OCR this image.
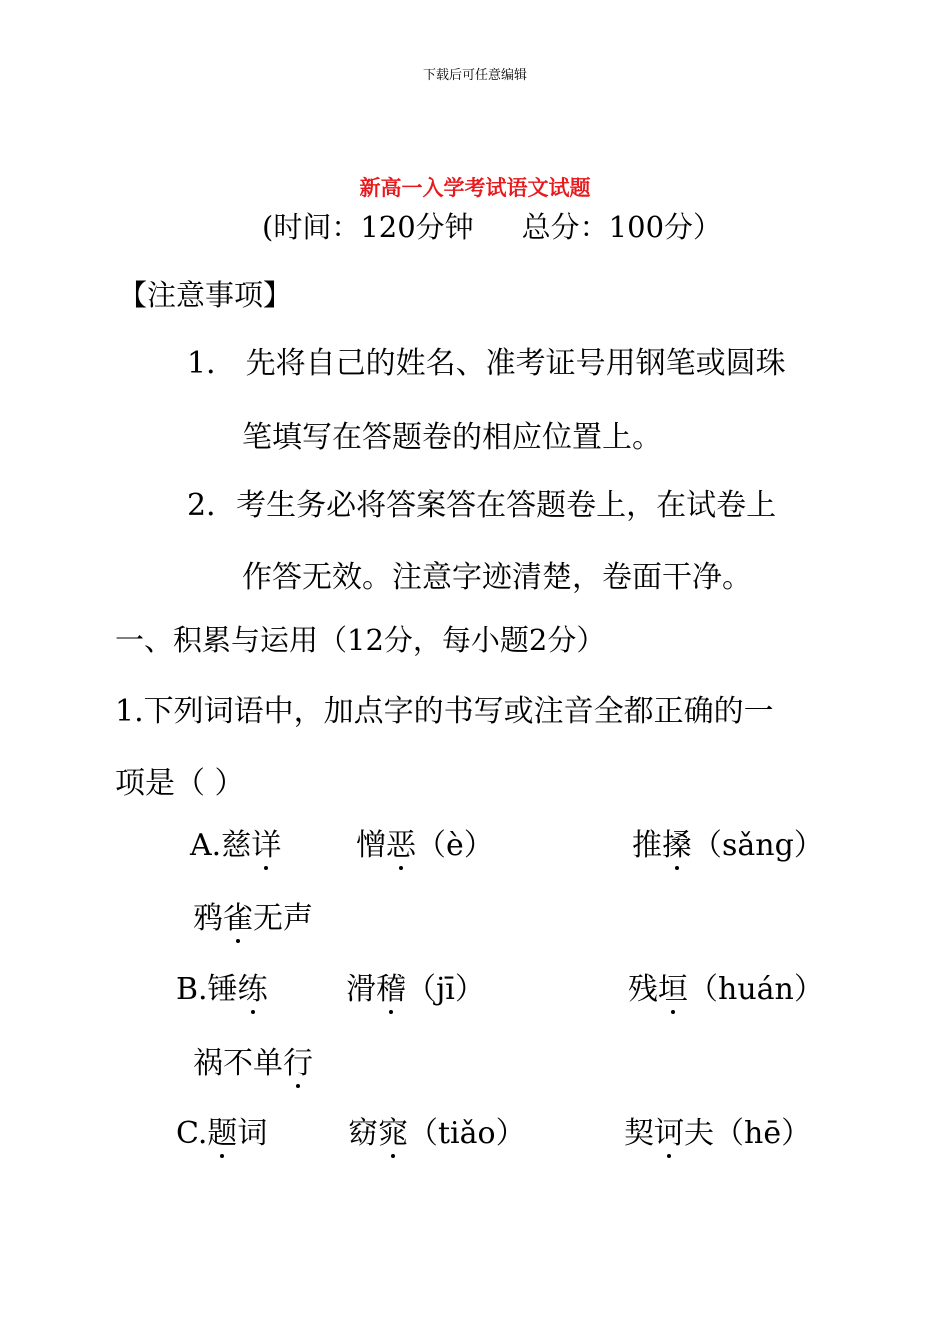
下载后可任意编辑
新高一入学考试语文试题
(时间：120分钟 总分：100分）
【注意事项】
1． 先将自己的姓名、准考证号用钢笔或圆珠
笔填写在答题卷的相应位置上。
2．考生务必将答案答在答题卷上，在试卷上
作答无效。注意字迹清楚，卷面干净。
一、积累与运用（12分，每小题2分）
1.下列词语中，加点字的书写或注音全都正确的一
项是（ ）
A.慈详 憎恶（è）	推搡（sǎng）
鸦雀无声
B.锤练	滑稽（jī）	残垣（huán）
祸不单行
C.题词	窈窕（tiǎo）	契诃夫（hē）
